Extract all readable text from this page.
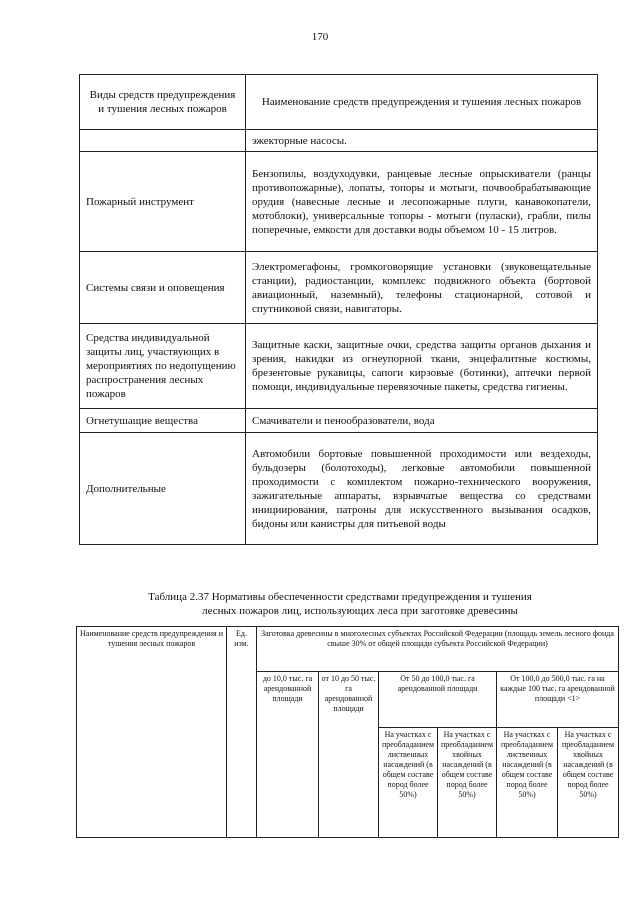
170
Виды средств предупреждения и тушения лесных пожаров	Наименование средств предупреждения и тушения лесных пожаров
	эжекторные насосы.
Пожарный инструмент	Бензопилы, воздуходувки, ранцевые лесные опрыскиватели (ранцы противопожарные), лопаты, топоры и мотыги, почвообрабатывающие орудия (навесные лесные и лесопожарные плуги, канавокопатели, мотоблоки), универсальные топоры - мотыги (пуласки), грабли, пилы поперечные, емкости для доставки воды объемом 10 - 15 литров.
Системы связи и оповещения	Электромегафоны, громкоговорящие установки (звуковещательные станции), радиостанции, комплекс подвижного объекта (бортовой авиационный, наземный), телефоны стационарной, сотовой и спутниковой связи, навигаторы.
Средства индивидуальной защиты лиц, участвующих в мероприятиях по недопущению распространения лесных пожаров	Защитные каски, защитные очки, средства защиты органов дыхания и зрения, накидки из огнеупорной ткани, энцефалитные костюмы, брезентовые рукавицы, сапоги кирзовые (ботинки), аптечки первой помощи, индивидуальные перевязочные пакеты, средства гигиены.
Огнетушащие вещества	Смачиватели и пенообразователи, вода
Дополнительные	Автомобили бортовые повышенной проходимости или вездеходы, бульдозеры (болотоходы), легковые автомобили повышенной проходимости с комплектом пожарно-технического вооружения, зажигательные аппараты, взрывчатые вещества со средствами инициирования, патроны для искусственного вызывания осадков, бидоны или канистры для питьевой воды
Таблица 2.37 Нормативы обеспеченности средствами предупреждения и тушения
лесных пожаров лиц, использующих леса при заготовке древесины
Наименование средств предупреждения и тушения лесных пожаров	Ед. изм.	Заготовка древесины в многолесных субъектах Российской Федерации (площадь земель лесного фонда свыше 30% от общей площади субъекта Российской Федерации)					
		до 10,0 тыс. га арендованной площади	от 10 до 50 тыс. га арендованной площади	От 50 до 100,0 тыс. га арендованной площади		От 100,0 до 500,0 тыс. га на каждые 100 тыс. га арендованной площади <1>	
				На участках с преобладанием лиственных насаждений (в общем составе пород более 50%)	На участках с преобладанием хвойных насаждений (в общем составе пород более 50%)	На участках с преобладанием лиственных насаждений (в общем составе пород более 50%)	На участках с преобладанием хвойных насаждений (в общем составе пород более 50%)
